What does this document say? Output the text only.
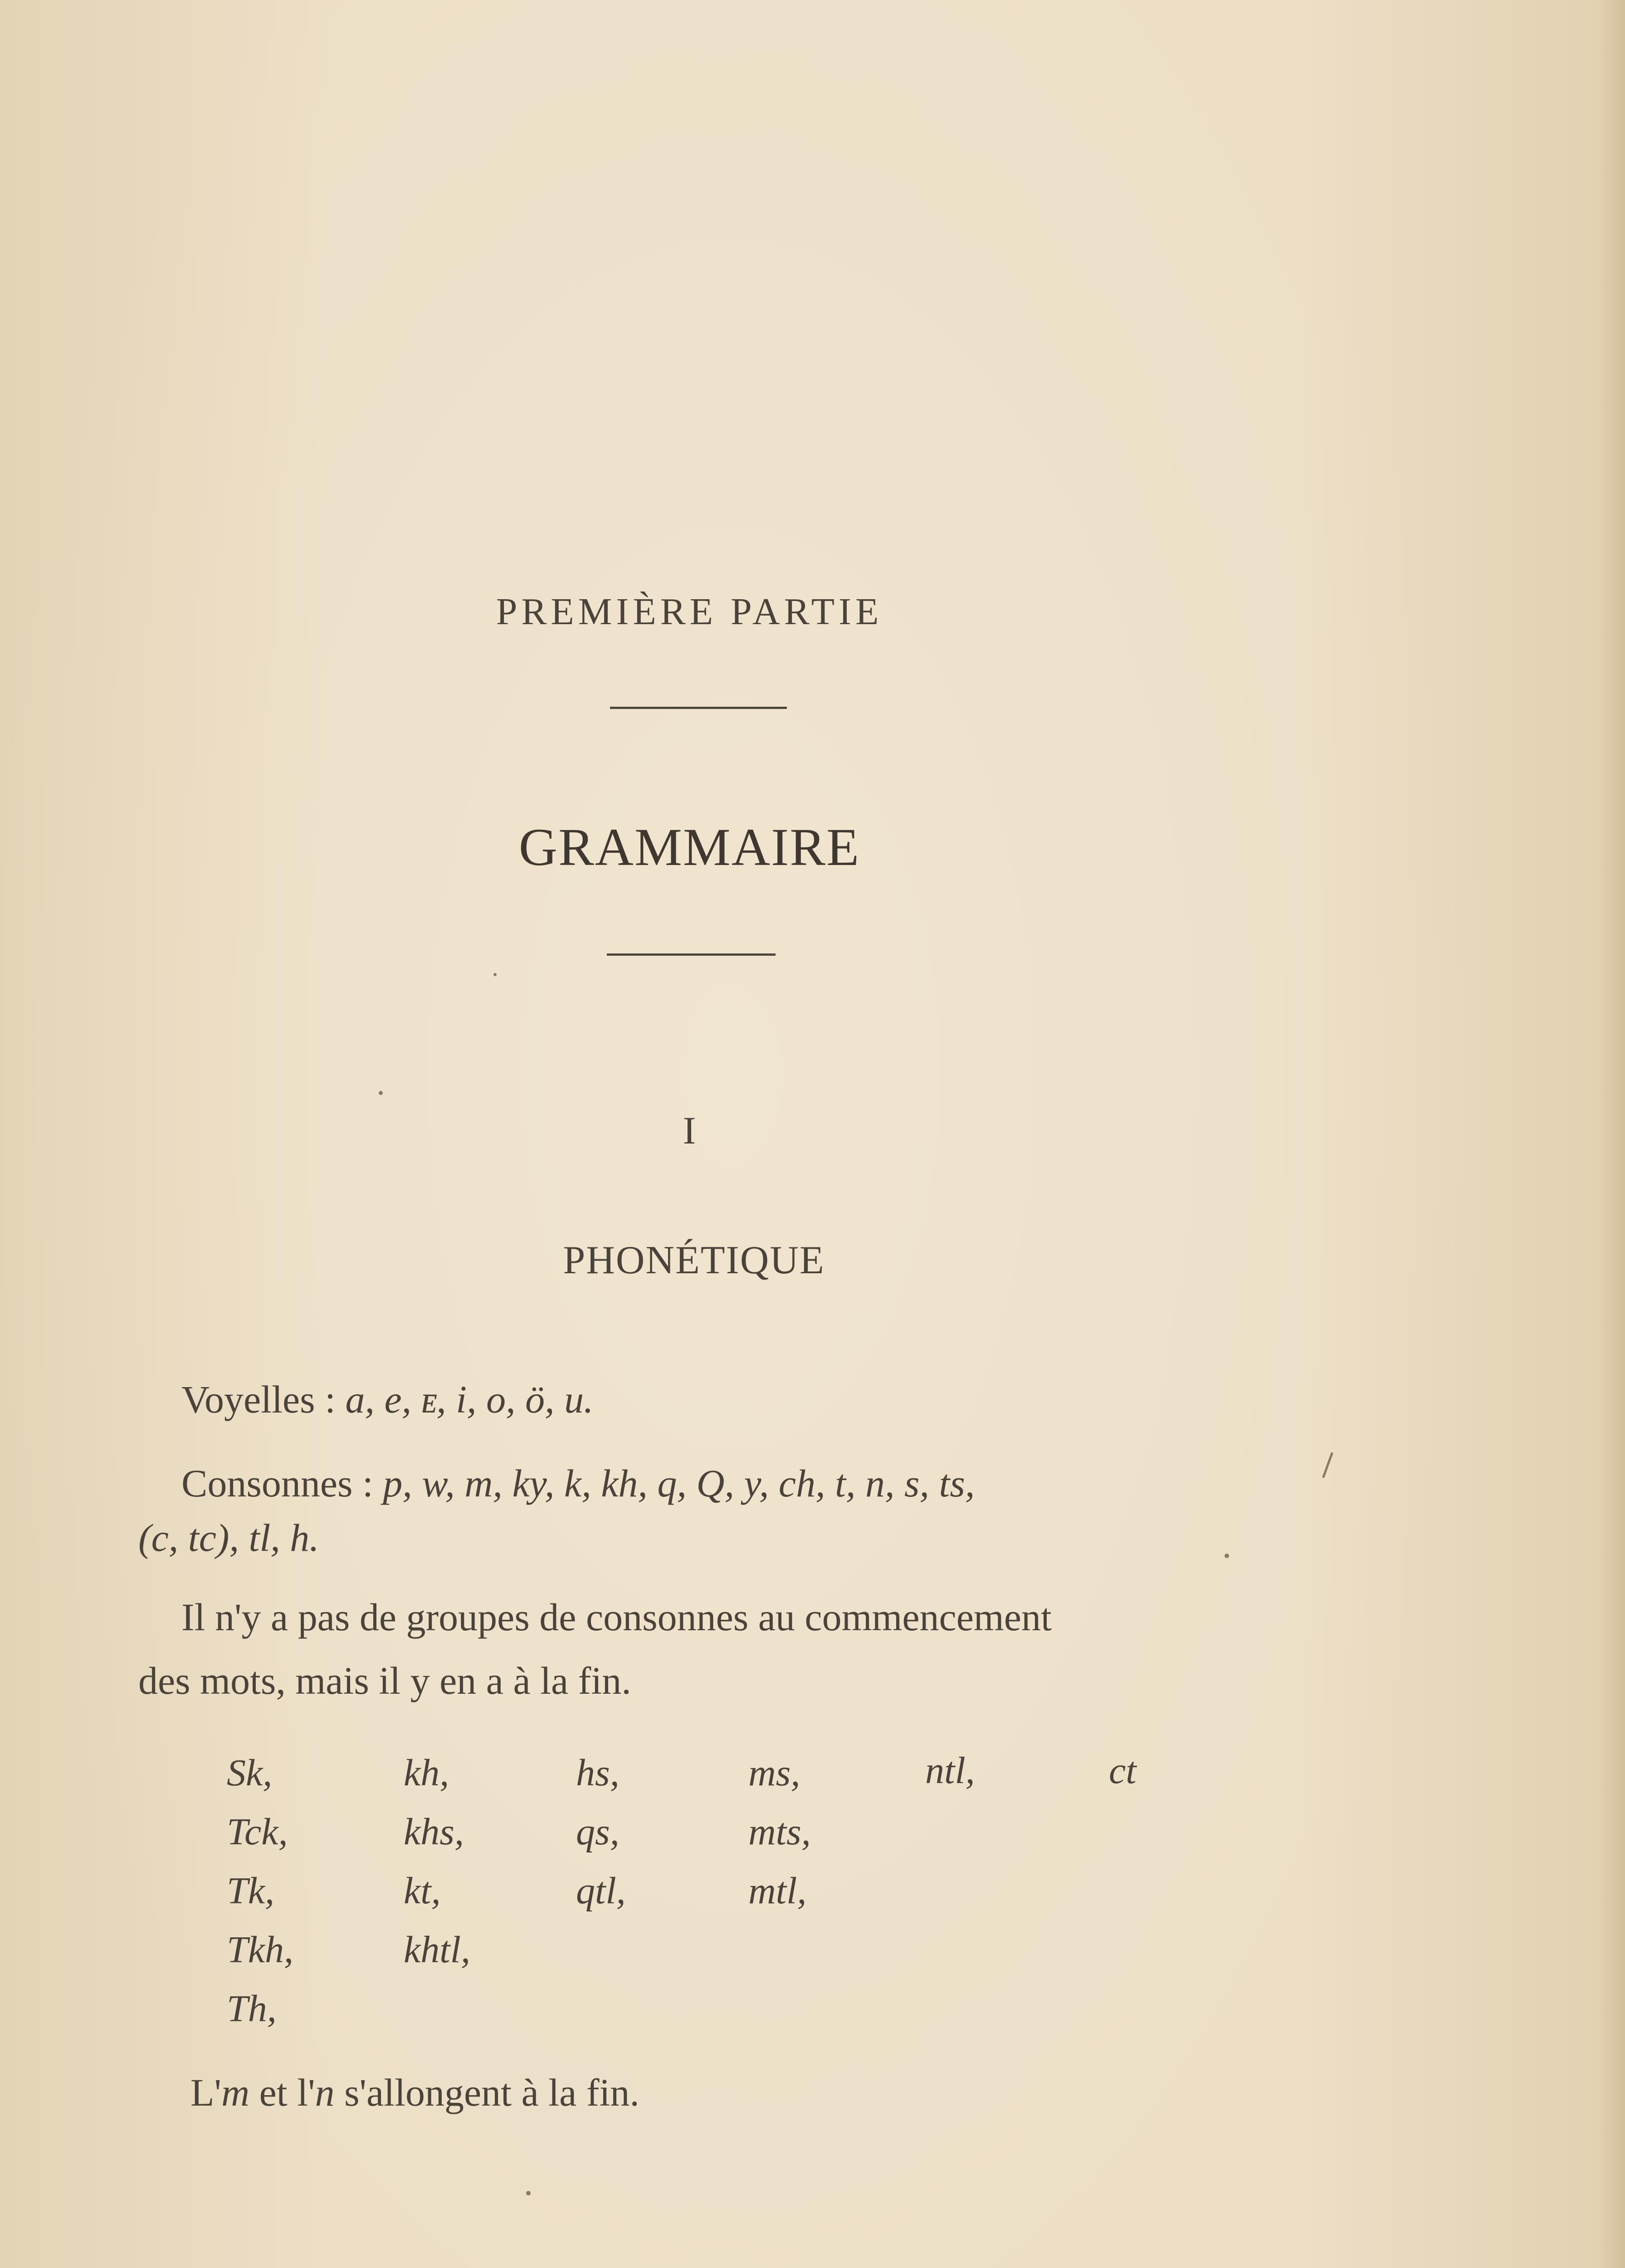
PREMIÈRE PARTIE
GRAMMAIRE
I
PHONÉTIQUE
Voyelles : a, e, ᴇ, i, o, ö, u.
Consonnes : p, w, m, ky, k, kh, q, Q, y, ch, t, n, s, ts,
(c, tc), tl, h.
Il n'y a pas de groupes de consonnes au commencement
des mots, mais il y en a à la fin.
Sk,
Tck,
Tk,
Tkh,
Th,
kh,
khs,
kt,
khtl,
hs,
qs,
qtl,
ms,
mts,
mtl,
ntl,	ct
L'm et l'n s'allongent à la fin.
